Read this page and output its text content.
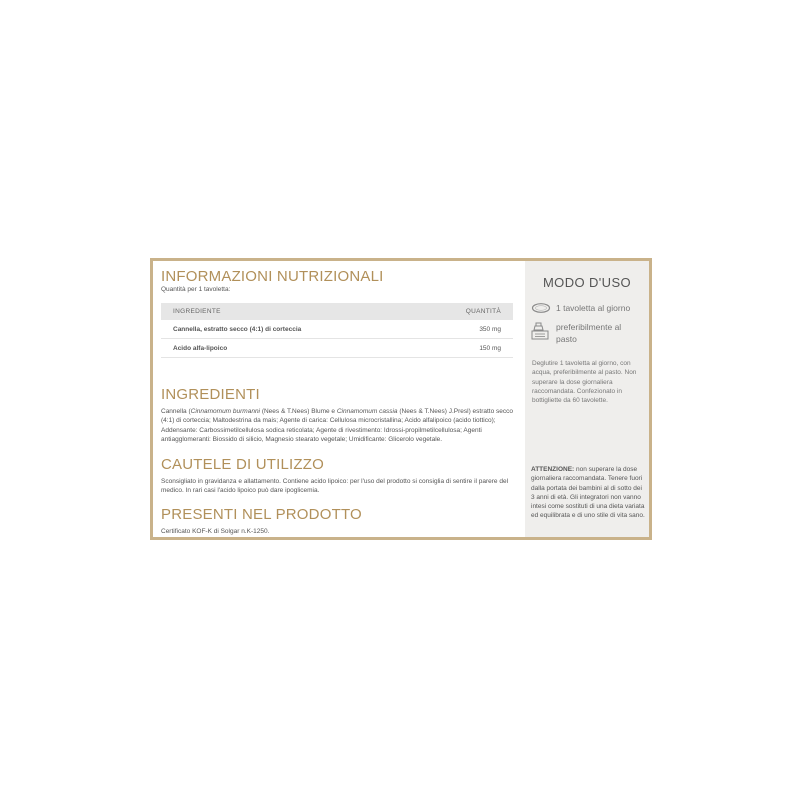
INFORMAZIONI NUTRIZIONALI
Quantità per 1 tavoletta:
INGREDIENTE	QUANTITÀ
Cannella, estratto secco (4:1) di corteccia	350 mg
Acido alfa-lipoico	150 mg
INGREDIENTI
Cannella (Cinnamomum burmanni (Nees & T.Nees) Blume e Cinnamomum cassia (Nees & T.Nees) J.Presl) estratto secco (4:1) di corteccia; Maltodestrina da mais; Agente di carica: Cellulosa microcristallina; Acido alfalipoico (acido tiottico); Addensante: Carbossimetilcellulosa sodica reticolata; Agente di rivestimento: Idrossi-propilmetilcellulosa; Agenti antiagglomeranti: Biossido di silicio, Magnesio stearato vegetale; Umidificante: Glicerolo vegetale.
CAUTELE DI UTILIZZO
Sconsigliato in gravidanza e allattamento. Contiene acido lipoico: per l'uso del prodotto si consiglia di sentire il parere del medico. In rari casi l'acido lipoico può dare ipoglicemia.
PRESENTI NEL PRODOTTO
Certificato KOF-K di Solgar n.K-1250.
MODO D'USO
1 tavoletta al giorno
preferibilmente al pasto
Deglutire 1 tavoletta al giorno, con acqua, preferibilmente al pasto. Non superare la dose giornaliera raccomandata. Confezionato in bottigliette da 60 tavolette.
ATTENZIONE: non superare la dose giornaliera raccomandata. Tenere fuori dalla portata dei bambini al di sotto dei 3 anni di età. Gli integratori non vanno intesi come sostituti di una dieta variata ed equilibrata e di uno stile di vita sano.
